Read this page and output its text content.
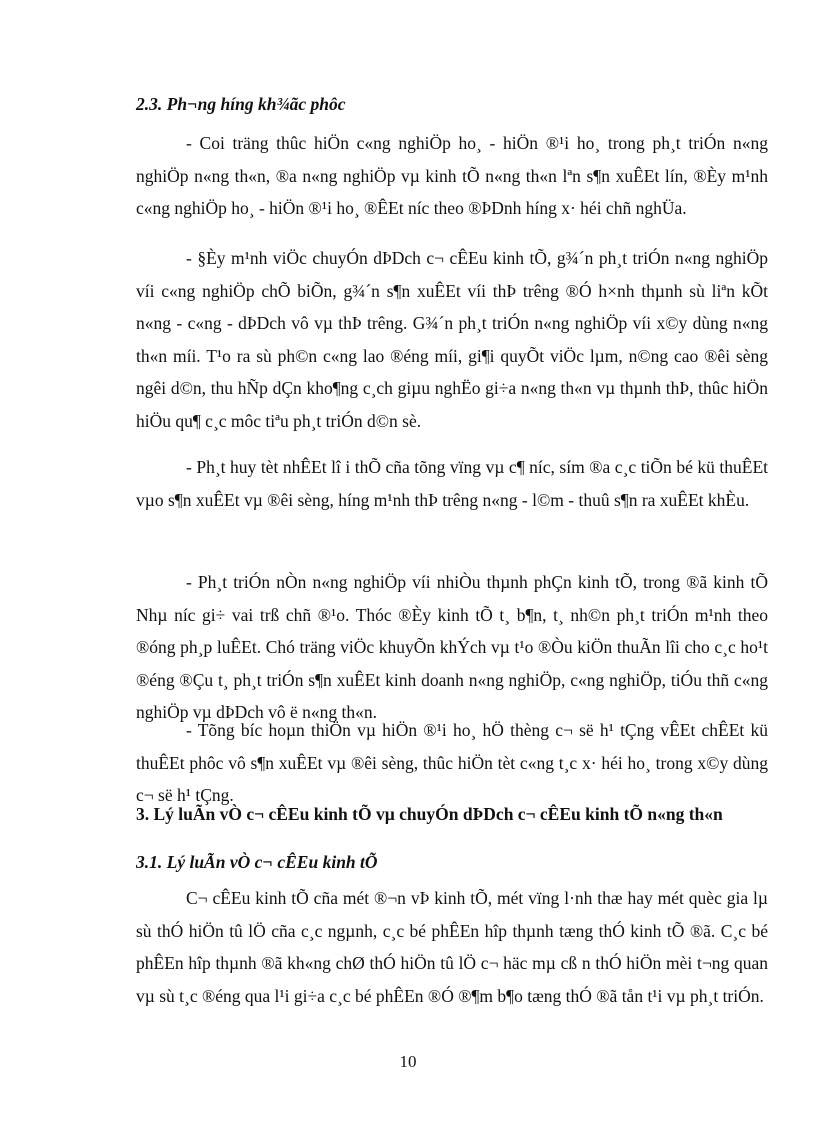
2.3. Ph¬ng híng kh¾ãc phôc

- Coi träng thûc hiÖn c«ng nghiÖp ho¸ - hiÖn ®¹i ho¸ trong ph¸t triÓn n«ng nghiÖp n«ng th«n, ®a n«ng nghiÖp vµ kinh tÕ n«ng th«n lªn s¶n xuÊEt lín, ®Èy m¹nh c«ng nghiÖp ho¸ - hiÖn ®¹i ho¸ ®ÊEt níc theo ®ÞDnh híng x· héi chñ nghÜa.

- §Èy m¹nh viÖc chuyÓn dÞDch c¬ cÊEu kinh tÕ, g¾´n ph¸t triÓn n«ng nghiÖp víi c«ng nghiÖp chÕ biÕn, g¾´n s¶n xuÊEt víi thÞ trêng ®Ó h×nh thµnh sù liªn kÕt n«ng - c«ng - dÞDch vô vµ thÞ trêng. G¾´n ph¸t triÓn n«ng nghiÖp víi x©y dùng n«ng th«n míi. T¹o ra sù ph©n c«ng lao ®éng míi, gi¶i quyÕt viÖc lµm, n©ng cao ®êi sèng ngêi d©n, thu hÑp dÇn kho¶ng c¸ch giµu nghËo gi÷a n«ng th«n vµ thµnh thÞ, thûc hiÖn hiÖu qu¶ c¸c môc tiªu ph¸t triÓn d©n sè.

- Ph¸t huy tèt nhÊEt lî i thÕ cña tõng vïng vµ c¶ níc, sím ®a c¸c tiÕn bé kü thuÊEt vµo s¶n xuÊEt vµ ®êi sèng, híng m¹nh thÞ trêng n«ng - l©m - thuû s¶n ra xuÊEt khÈu.

- Ph¸t triÓn nÒn n«ng nghiÖp víi nhiÒu thµnh phÇn kinh tÕ, trong ®ã kinh tÕ Nhµ níc gi÷ vai trß chñ ®¹o. Thóc ®Èy kinh tÕ t¸ b¶n, t¸ nh©n ph¸t triÓn m¹nh theo ®óng ph¸p luÊEt. Chó träng viÖc khuyÕn khÝch vµ t¹o ®Òu kiÖn thuÃn lîi cho c¸c ho¹t ®éng ®Çu t¸ ph¸t triÓn s¶n xuÊEt kinh doanh n«ng nghiÖp, c«ng nghiÖp, tiÓu thñ c«ng nghiÖp vµ dÞDch vô ë n«ng th«n.

- Tõng bíc hoµn thiÖn vµ hiÖn ®¹i ho¸ hÖ thèng c¬ së h¹ tÇng vÊEt chÊEt kü thuÊEt phôc vô s¶n xuÊEt vµ ®êi sèng, thûc hiÖn tèt c«ng t¸c x· héi ho¸ trong x©y dùng c¬ së h¹ tÇng.

3. Lý luÃn vÒ c¬ cÊEu kinh tÕ vµ chuyÓn dÞDch c¬ cÊEu kinh tÕ n«ng th«n

3.1. Lý luÃn vÒ c¬ cÊEu kinh tÕ

C¬ cÊEu kinh tÕ cña mét ®¬n vÞ kinh tÕ, mét vïng l·nh thæ hay mét quèc gia lµ sù thÓ hiÖn tû lÖ cña c¸c ngµnh, c¸c bé phÊEn hîp thµnh tæng thÓ kinh tÕ ®ã. C¸c bé phÊEn hîp thµnh ®ã kh«ng chØ thÓ hiÖn tû lÖ c¬ häc mµ cß n thÓ hiÖn mèi t¬ng quan vµ sù t¸c ®éng qua l¹i gi÷a c¸c bé phÊEn ®Ó ®¶m b¶o tæng thÓ ®ã tån t¹i vµ ph¸t triÓn.

10
